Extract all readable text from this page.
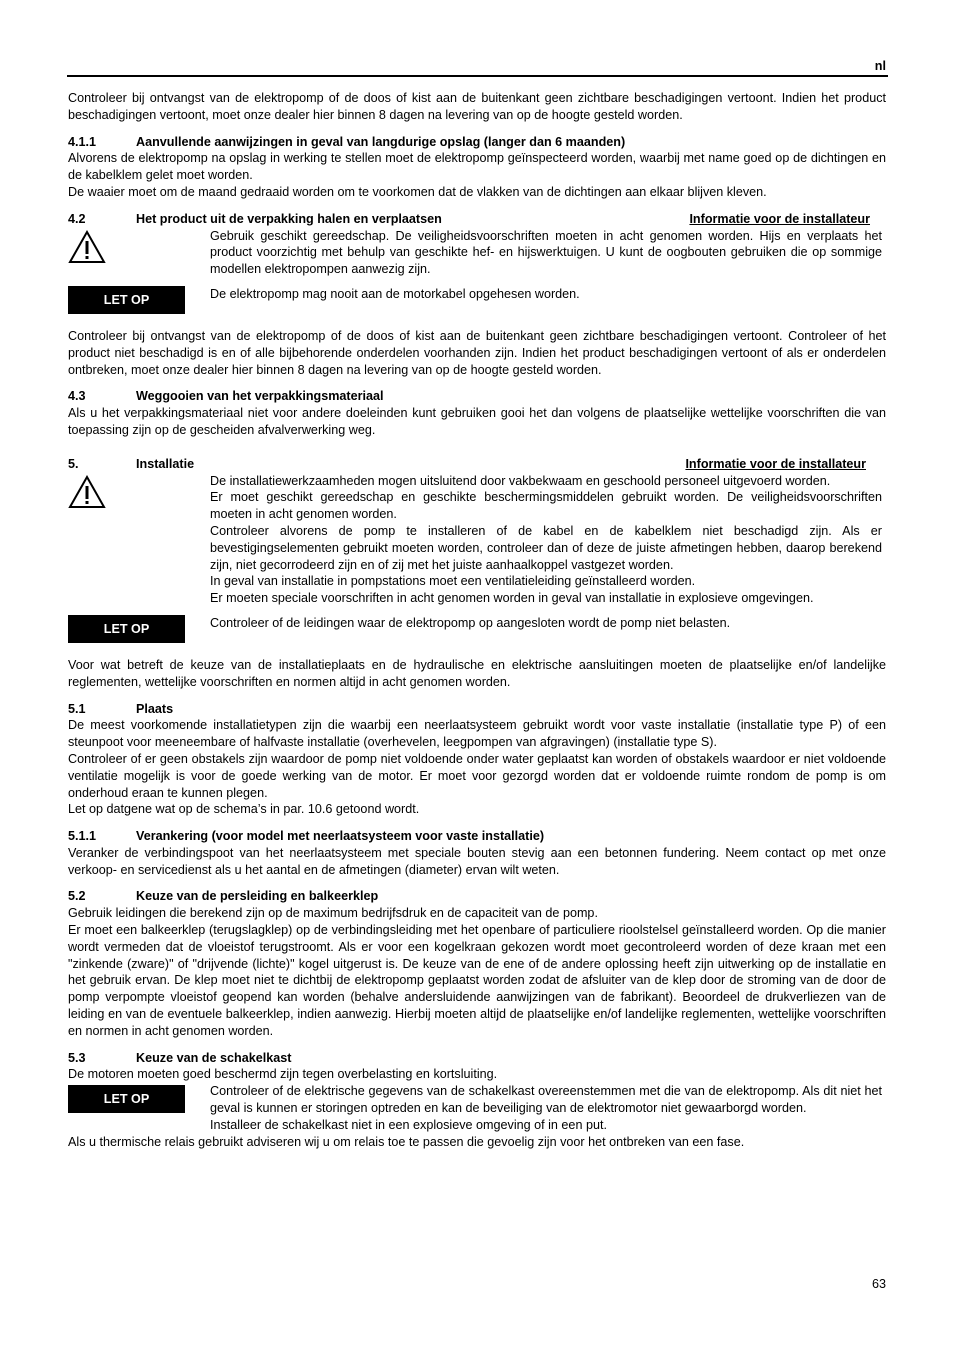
nl

Controleer bij ontvangst van de elektropomp of de doos of kist aan de buitenkant geen zichtbare beschadigingen vertoont. Indien het product beschadigingen vertoont, moet onze dealer hier binnen 8 dagen na levering van op de hoogte gesteld worden.

4.1.1	Aanvullende aanwijzingen in geval van langdurige opslag (langer dan 6 maanden)

Alvorens de elektropomp na opslag in werking te stellen moet de elektropomp geïnspecteerd worden, waarbij met name goed op de dichtingen en de kabelklem gelet moet worden.

De waaier moet om de maand gedraaid worden om te voorkomen dat de vlakken van de dichtingen aan elkaar blijven kleven.

4.2	Het product uit de verpakking halen en verplaatsen	Informatie voor de installateur

Gebruik geschikt gereedschap. De veiligheidsvoorschriften moeten in acht genomen worden. Hijs en verplaats het product voorzichtig met behulp van geschikte hef- en hijswerktuigen. U kunt de oogbouten gebruiken die op sommige modellen elektropompen aanwezig zijn.

LET OP	De elektropomp mag nooit aan de motorkabel opgehesen worden.

Controleer bij ontvangst van de elektropomp of de doos of kist aan de buitenkant geen zichtbare beschadigingen vertoont. Controleer of het product niet beschadigd is en of alle bijbehorende onderdelen voorhanden zijn. Indien het product beschadigingen vertoont of als er onderdelen ontbreken, moet onze dealer hier binnen 8 dagen na levering van op de hoogte gesteld worden.

4.3	Weggooien van het verpakkingsmateriaal

Als u het verpakkingsmateriaal niet voor andere doeleinden kunt gebruiken gooi het dan volgens de plaatselijke wettelijke voorschriften die van toepassing zijn op de gescheiden afvalverwerking weg.

5.	Installatie	Informatie voor de installateur

De installatiewerkzaamheden mogen uitsluitend door vakbekwaam en geschoold personeel uitgevoerd worden.

Er moet geschikt gereedschap en geschikte beschermingsmiddelen gebruikt worden. De veiligheidsvoorschriften moeten in acht genomen worden.

Controleer alvorens de pomp te installeren of de kabel en de kabelklem niet beschadigd zijn. Als er bevestigingselementen gebruikt moeten worden, controleer dan of deze de juiste afmetingen hebben, daarop berekend zijn, niet gecorrodeerd zijn en of zij met het juiste aanhaalkoppel vastgezet worden.

In geval van installatie in pompstations moet een ventilatieleiding geïnstalleerd worden.

Er moeten speciale voorschriften in acht genomen worden in geval van installatie in explosieve omgevingen.

LET OP	Controleer of de leidingen waar de elektropomp op aangesloten wordt de pomp niet belasten.

Voor wat betreft de keuze van de installatieplaats en de hydraulische en elektrische aansluitingen moeten de plaatselijke en/of landelijke reglementen, wettelijke voorschriften en normen altijd in acht genomen worden.

5.1	Plaats

De meest voorkomende installatietypen zijn die waarbij een neerlaatsysteem gebruikt wordt voor vaste installatie (installatie type P) of een steunpoot voor meeneembare of halfvaste installatie (overhevelen, leegpompen van afgravingen) (installatie type S).

Controleer of er geen obstakels zijn waardoor de pomp niet voldoende onder water geplaatst kan worden of obstakels waardoor er niet voldoende ventilatie mogelijk is voor de goede werking van de motor. Er moet voor gezorgd worden dat er voldoende ruimte rondom de pomp is om onderhoud eraan te kunnen plegen.

Let op datgene wat op de schema’s in par. 10.6 getoond wordt.

5.1.1	Verankering (voor model met neerlaatsysteem voor vaste installatie)

Veranker de verbindingspoot van het neerlaatsysteem met speciale bouten stevig aan een betonnen fundering. Neem contact op met onze verkoop- en servicedienst als u het aantal en de afmetingen (diameter) ervan wilt weten.

5.2	Keuze van de persleiding en balkeerklep

Gebruik leidingen die berekend zijn op de maximum bedrijfsdruk en de capaciteit van de pomp.

Er moet een balkeerklep (terugslagklep) op de verbindingsleiding met het openbare of particuliere rioolstelsel geïnstalleerd worden. Op die manier wordt vermeden dat de vloeistof terugstroomt. Als er voor een kogelkraan gekozen wordt moet gecontroleerd worden of deze kraan met een "zinkende (zware)" of "drijvende (lichte)" kogel uitgerust is. De keuze van de ene of de andere oplossing heeft zijn uitwerking op de installatie en het gebruik ervan. De klep moet niet te dichtbij de elektropomp geplaatst worden zodat de afsluiter van de klep door de stroming van de door de pomp verpompte vloeistof geopend kan worden (behalve andersluidende aanwijzingen van de fabrikant). Beoordeel de drukverliezen van de leiding en van de eventuele balkeerklep, indien aanwezig. Hierbij moeten altijd de plaatselijke en/of landelijke reglementen, wettelijke voorschriften en normen in acht genomen worden.

5.3	Keuze van de schakelkast

De motoren moeten goed beschermd zijn tegen overbelasting en kortsluiting.

LET OP

Controleer of de elektrische gegevens van de schakelkast overeenstemmen met die van de elektropomp. Als dit niet het geval is kunnen er storingen optreden en kan de beveiliging van de elektromotor niet gewaarborgd worden.

Installeer de schakelkast niet in een explosieve omgeving of in een put.

Als u thermische relais gebruikt adviseren wij u om relais toe te passen die gevoelig zijn voor het ontbreken van een fase.

63
